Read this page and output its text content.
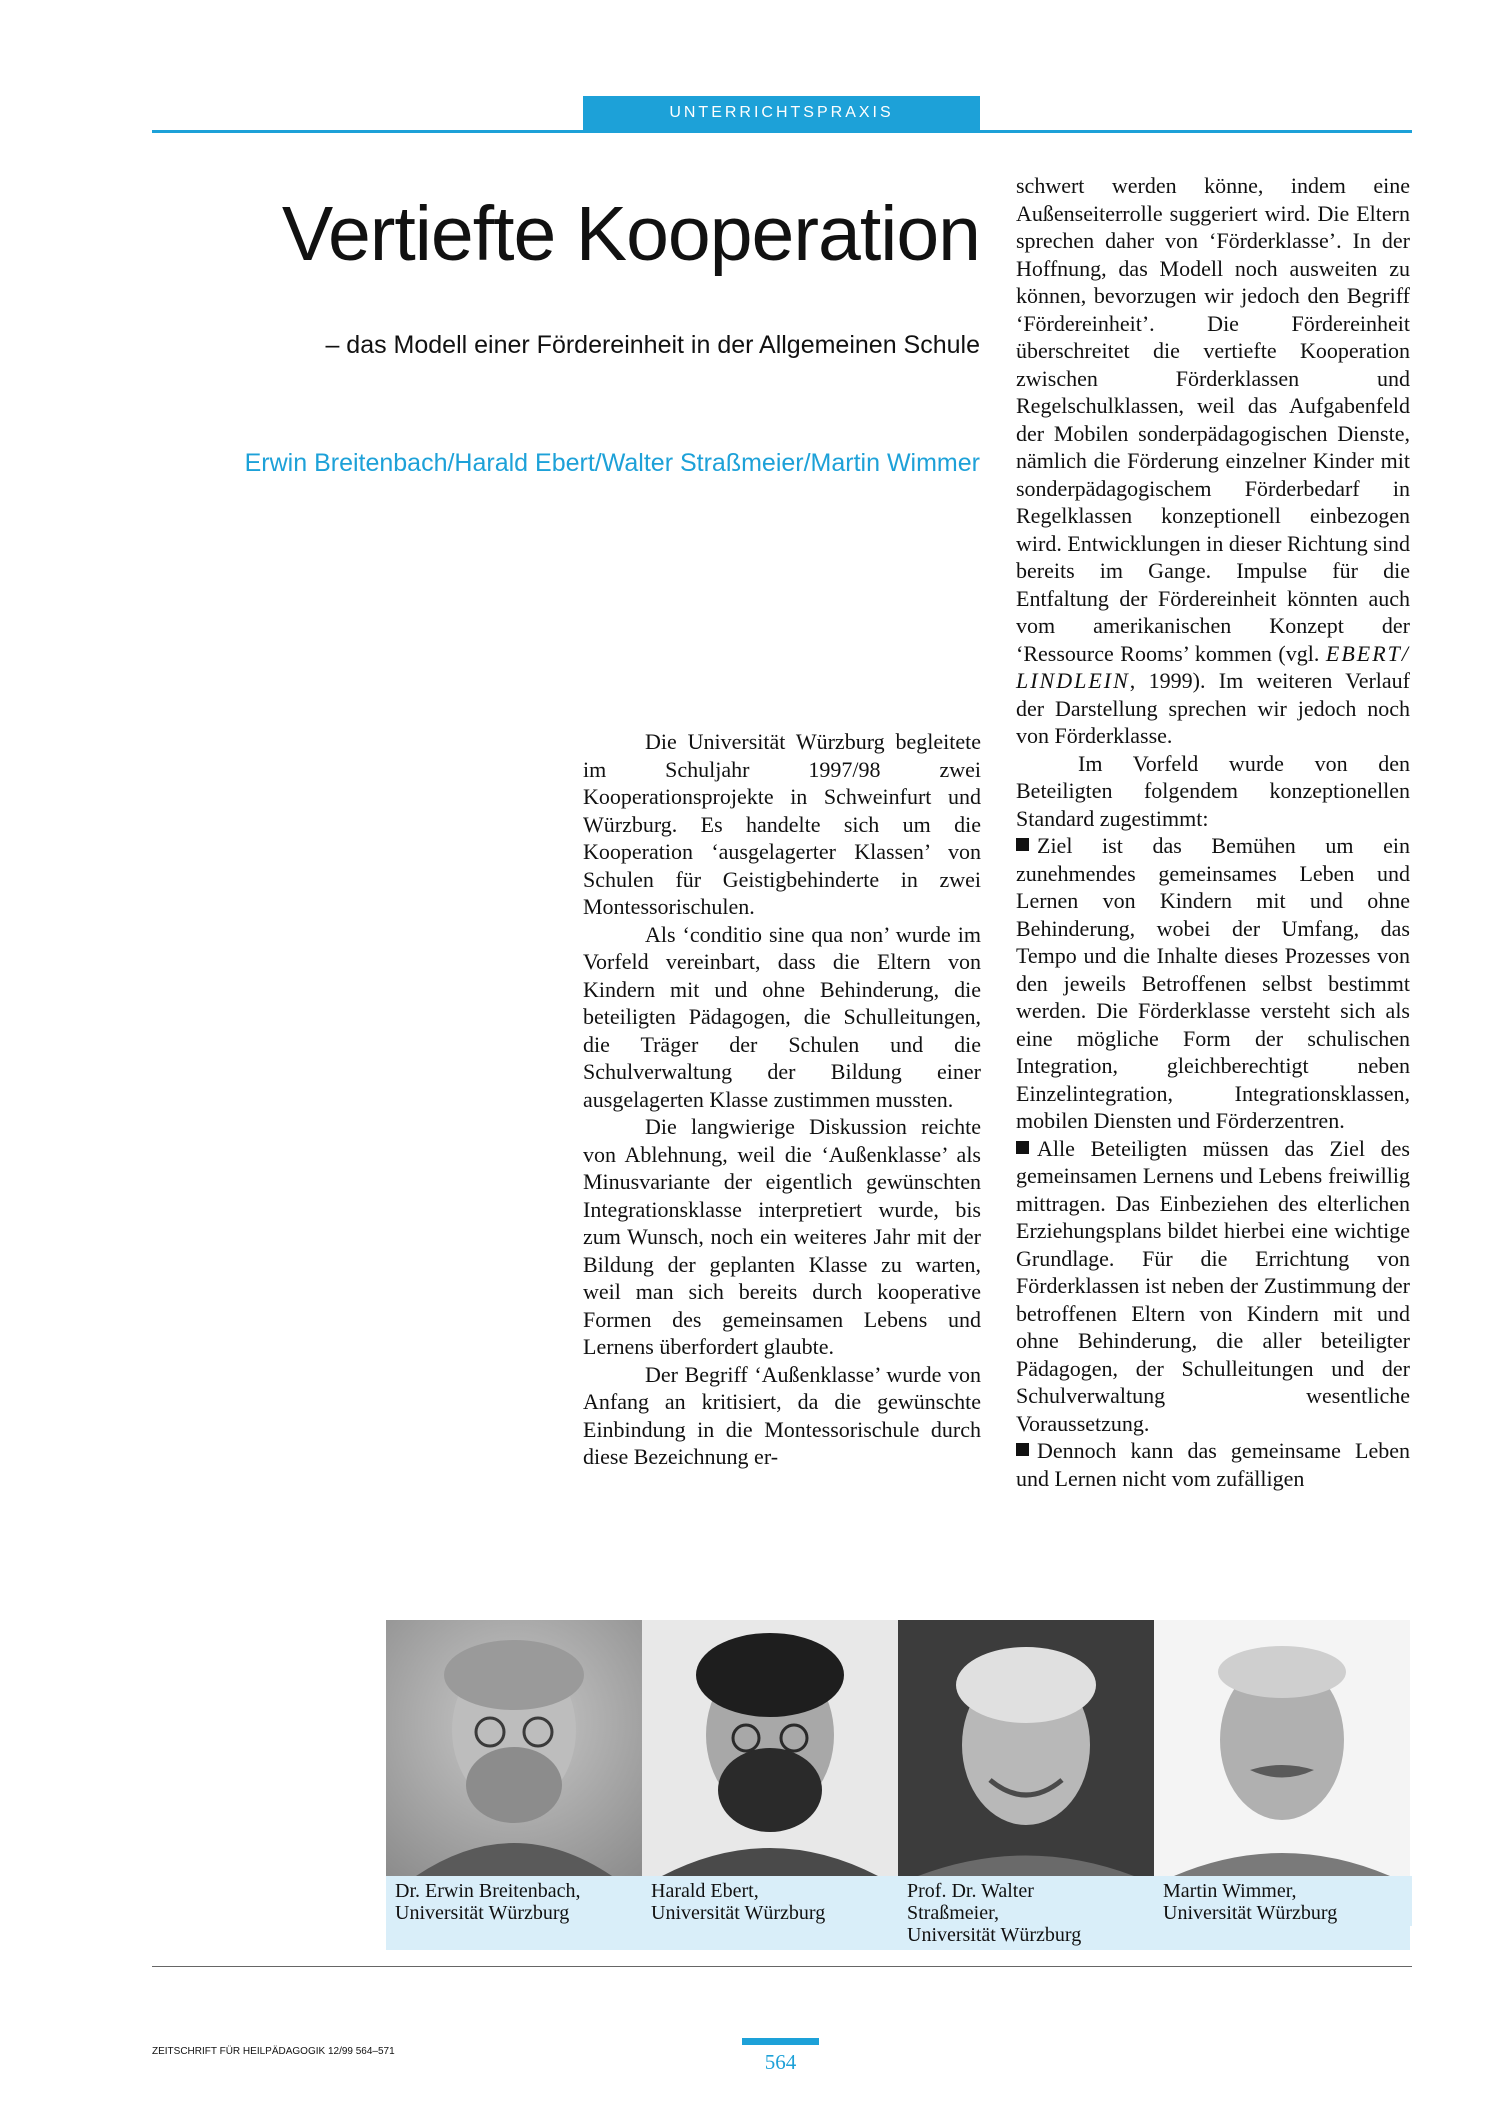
UNTERRICHTSPRAXIS
Vertiefte Kooperation

– das Modell einer Fördereinheit in der Allgemeinen Schule

Erwin Breitenbach/Harald Ebert/Walter Straßmeier/Martin Wimmer

Die Universität Würzburg begleitete im Schuljahr 1997/98 zwei Kooperationsprojekte in Schweinfurt und Würzburg. Es handelte sich um die Kooperation ‘ausgelagerter Klassen’ von Schulen für Geistigbehinderte in zwei Montessorischulen.

Als ‘conditio sine qua non’ wurde im Vorfeld vereinbart, dass die Eltern von Kindern mit und ohne Behinderung, die beteiligten Pädagogen, die Schulleitungen, die Träger der Schulen und die Schulverwaltung der Bildung einer ausgelagerten Klasse zustimmen mussten.

Die langwierige Diskussion reichte von Ablehnung, weil die ‘Außenklasse’ als Minusvariante der eigentlich gewünschten Integrationsklasse interpretiert wurde, bis zum Wunsch, noch ein weiteres Jahr mit der Bildung der geplanten Klasse zu warten, weil man sich bereits durch kooperative Formen des gemeinsamen Lebens und Lernens überfordert glaubte.

Der Begriff ‘Außenklasse’ wurde von Anfang an kritisiert, da die gewünschte Einbindung in die Montessorischule durch diese Bezeichnung er-

schwert werden könne, indem eine Außenseiterrolle suggeriert wird. Die Eltern sprechen daher von ‘Förderklasse’. In der Hoffnung, das Modell noch ausweiten zu können, bevorzugen wir jedoch den Begriff ‘Fördereinheit’. Die Fördereinheit überschreitet die vertiefte Kooperation zwischen Förderklassen und Regelschulklassen, weil das Aufgabenfeld der Mobilen sonderpädagogischen Dienste, nämlich die Förderung einzelner Kinder mit sonderpädagogischem Förderbedarf in Regelklassen konzeptionell einbezogen wird. Entwicklungen in dieser Richtung sind bereits im Gange. Impulse für die Entfaltung der Fördereinheit könnten auch vom amerikanischen Konzept der ‘Ressource Rooms’ kommen (vgl. EBERT/ LINDLEIN, 1999). Im weiteren Verlauf der Darstellung sprechen wir jedoch noch von Förderklasse.

Im Vorfeld wurde von den Beteiligten folgendem konzeptionellen Standard zugestimmt:

Ziel ist das Bemühen um ein zunehmendes gemeinsames Leben und Lernen von Kindern mit und ohne Behinderung, wobei der Umfang, das Tempo und die Inhalte dieses Prozesses von den jeweils Betroffenen selbst bestimmt werden. Die Förderklasse versteht sich als eine mögliche Form der schulischen Integration, gleichberechtigt neben Einzelintegration, Integrationsklassen, mobilen Diensten und Förderzentren.

Alle Beteiligten müssen das Ziel des gemeinsamen Lernens und Lebens freiwillig mittragen. Das Einbeziehen des elterlichen Erziehungsplans bildet hierbei eine wichtige Grundlage. Für die Errichtung von Förderklassen ist neben der Zustimmung der betroffenen Eltern von Kindern mit und ohne Behinderung, die aller beteiligter Pädagogen, der Schulleitungen und der Schulverwaltung wesentliche Voraussetzung.

Dennoch kann das gemeinsame Leben und Lernen nicht vom zufälligen

Dr. Erwin Breitenbach,
Universität Würzburg
Harald Ebert,
Universität Würzburg
Prof. Dr. Walter
Straßmeier,
Universität Würzburg
Martin Wimmer,
Universität Würzburg
ZEITSCHRIFT FÜR HEILPÄDAGOGIK 12/99 564–571	564
